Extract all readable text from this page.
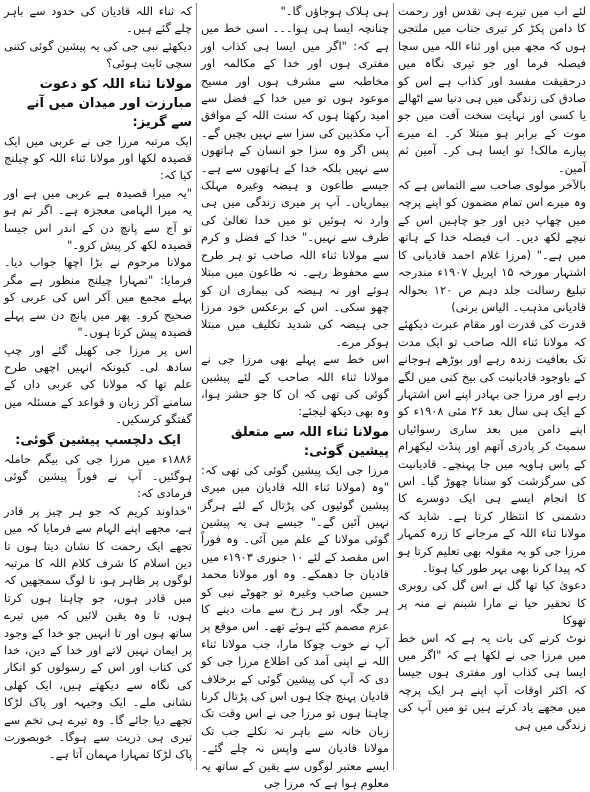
لئے اب میں تیرے ہی تقدس اور رحمت کا دامن پکڑ کر تیری جناب میں ملتجی ہوں کہ مجھ میں اور ثناء اللہ میں سچا فیصلہ فرما اور جو تیری نگاہ میں درحقیقت مفسد اور کذاب ہے اس کو صادق کی زندگی میں ہی دنیا سے اٹھالے یا کسی اور نہایت سخت آفت میں جو موت کے برابر ہو مبتلا کر۔ اے میرے پیارے مالک! تو ایسا ہی کر۔ آمین ثم آمین۔

بالآخر مولوی صاحب سے التماس ہے کہ وہ میرے اس تمام مضمون کو اپنے پرچہ میں چھاپ دیں اور جو چاہیں اس کے نیچے لکھ دیں۔ اب فیصلہ خدا کے ہاتھ میں ہے۔" (مرزا غلام احمد قادیانی کا اشتہار مورخہ ۱۵ اپریل ۱۹۰۷ء مندرجہ تبلیغ رسالت جلد دہم ص ۱۲۰ بحوالہ قادیانی مذہب۔ الیاس برنی)

قدرت کی قدرت اور مقام عبرت دیکھئے کہ مولانا ثناء اللہ صاحب تو ایک مدت تک بعافیت زندہ رہے اور بوڑھے ہوجانے کے باوجود قادیانیت کی بیخ کنی میں لگے رہے اور مرزا جی بہادر اپنے اس اشتہار کے ایک ہی سال بعد ۲۶ مئی ۱۹۰۸ء کو اپنے دامن میں بعد ساری رسوائیاں سمیٹ کر پادری آتھم اور پنڈت لیکھرام کے پاس ہاویہ میں جا پہنچے۔ قادیانیت کی سرگزشت کو سنانا چھوڑ گیا۔ اس کا انجام ایسے ہی ایک دوسرے کا دشمنی کا انتظار کرتا ہے۔ شاید کہ مولانا ثناء اللہ کے مرجانے کا زرہ کمہار مرزا جی کو یہ مقولہ بھی تعلیم کرتا ہو کہ پیدا کرنا بھی بہر طور کیا ہوتا۔

دعویٰ کیا تھا گل نے اس گل کی روبری کا تحقیر حیا نے مارا شبنم نے منہ پر تھوکا

نوٹ کرنے کی بات یہ ہے کہ اس خط میں مرزا جی نے لکھا ہے کہ "اگر میں ایسا ہی کذاب اور مفتری ہوں جیسا کہ اکثر اوقات آپ اپنے ہر ایک پرچہ میں مجھے یاد کرتے ہیں تو میں آپ کی زندگی میں ہی

ہی ہلاک ہوجاؤں گا۔"

چنانچہ ایسا ہی ہوا۔۔۔ اسی خط میں ہے کہ: "اگر میں ایسا ہی کذاب اور مفتری ہوں اور خدا کے مکالمہ اور مخاطبہ سے مشرف ہوں اور مسیح موعود ہوں تو میں خدا کے فضل سے امید رکھتا ہوں کہ سنت اللہ کے موافق آپ مکذبین کی سزا سے نہیں بچیں گے۔ پس اگر وہ سزا جو انسان کے ہاتھوں سے نہیں بلکہ خدا کے ہاتھوں سے ہے۔ جیسے طاعون و ہیضہ وغیرہ مہلک بیماریاں۔ آپ پر میری زندگی میں ہی وارد نہ ہوئیں تو میں خدا تعالیٰ کی طرف سے نہیں۔" خدا کے فضل و کرم سے مولانا ثناء اللہ صاحب تو ہر طرح سے محفوظ رہے۔ نہ طاعون میں مبتلا ہوئے اور نہ ہیضہ کی بیماری ان کو چھو سکی۔ اس کے برعکس خود مرزا جی ہیضہ کی شدید تکلیف میں مبتلا ہوکر مرے۔

اس خط سے پہلے بھی مرزا جی نے مولانا ثناء اللہ صاحب کے لئے پیشین گوئی کی تھی کہ ان کا جو حشر ہوا، وہ بھی دیکھ لیجئے:

مولانا ثناء اللہ سے متعلق پیشین گوئی:

مرزا جی ایک پیشین گوئی کی تھی کہ: "وہ (مولانا ثناء اللہ قادیان میں میری پیشین گوئیوں کی پڑتال کے لئے ہرگز نہیں آئیں گے۔" جیسے ہی یہ پیشین گوئی مولانا کے علم میں آئی۔ وہ فوراً اس مقصد کے لئے ۱۰ جنوری ۱۹۰۳ء میں قادیان جا دھمکے۔ وہ اور مولانا محمد حسین صاحب وغیرہ تو جھوٹے نبی کو ہر جگہ اور ہر زخ سے مات دینے کا عزم مصمم کئے ہوئے تھے۔ اس موقع پر آپ نے خوب چوکا مارا، جب مولانا ثناء اللہ نے اپنی آمد کی اطلاع مرزا جی کو دی کہ آپ کی پیشین گوئی کے برخلاف قادیان پہنچ چکا ہوں اس کی پڑتال کرنا چاہتا ہوں تو مرزا جی نے اس وقت تک زبان خانہ سے باہر نہ نکلے جب تک مولانا قادیان سے واپس نہ چلے گئے۔ ایسے معتبر لوگوں سے یقین کے ساتھ یہ معلوم ہوا ہے کہ مرزا جی

کہ ثناء اللہ قادیان کی حدود سے باہر چلے گئے ہیں۔

دیکھئے نبی جی کی یہ پیشین گوئی کتنی سچی ثابت ہوئی؟

مولانا ثناء اللہ کو دعوت مبارزت اور میدان میں آنے سے گریز:

ایک مرتبہ مرزا جی نے عربی میں ایک قصیدہ لکھا اور مولانا ثناء اللہ کو چیلنج کیا کہ:

"یہ میرا قصیدہ ہے عربی میں ہے اور یہ میرا الہامی معجزہ ہے۔ اگر تم ہو تو آج سے پانچ دن کے اندر اس جیسا قصیدہ لکھ کر پیش کرو۔"

مولانا مرحوم نے بڑا اچھا جواب دیا۔ فرمایا: "تمہارا چیلنج منظور ہے مگر پہلے مجمع میں آکر اس کی عربی کو صحیح کرو۔ پھر میں پانچ دن سے پہلے قصیدہ پیش کرتا ہوں۔"

اس پر مرزا جی کھیل گئے اور چپ سادھ لی۔ کیونکہ انہیں اچھی طرح علم تھا کہ مولانا کی عربی داں کے سامنے آکر زبان و قواعد کے مسئلہ میں گفتگو کرسکیں۔

ایک دلچسپ پیشین گوئی:

۱۸۸۶ء میں مرزا جی کی بیگم حاملہ ہوگئیں۔ آپ نے فوراً پیشین گوئی فرمادی کہ:

"خداوند کریم کہ جو ہر چیز پر قادر ہے، مجھے اپنے الہام سے فرمایا کہ میں تجھے ایک رحمت کا نشان دیتا ہوں تا دین اسلام کا شرف کلام اللہ کا مرتبہ لوگوں پر ظاہر ہو، تا لوگ سمجھیں کہ میں قادر ہوں، جو چاہتا ہوں کرتا ہوں، تا وہ یقین لائیں کہ میں تیرے ساتھ ہوں اور تا انہیں جو خدا کے وجود پر ایمان نہیں لاتے اور خدا کے دین، خدا کی کتاب اور اس کے رسولوں کو انکار کی نگاہ سے دیکھتے ہیں، ایک کھلی نشانی ملے۔ ایک وجیہہ اور پاک لڑکا تجھے دیا جائے گا۔ وہ تیرے ہی تخم سے تیری ہی ذریت سے ہوگا۔ خوبصورت پاک لڑکا تمہارا مہمان آتا ہے۔
